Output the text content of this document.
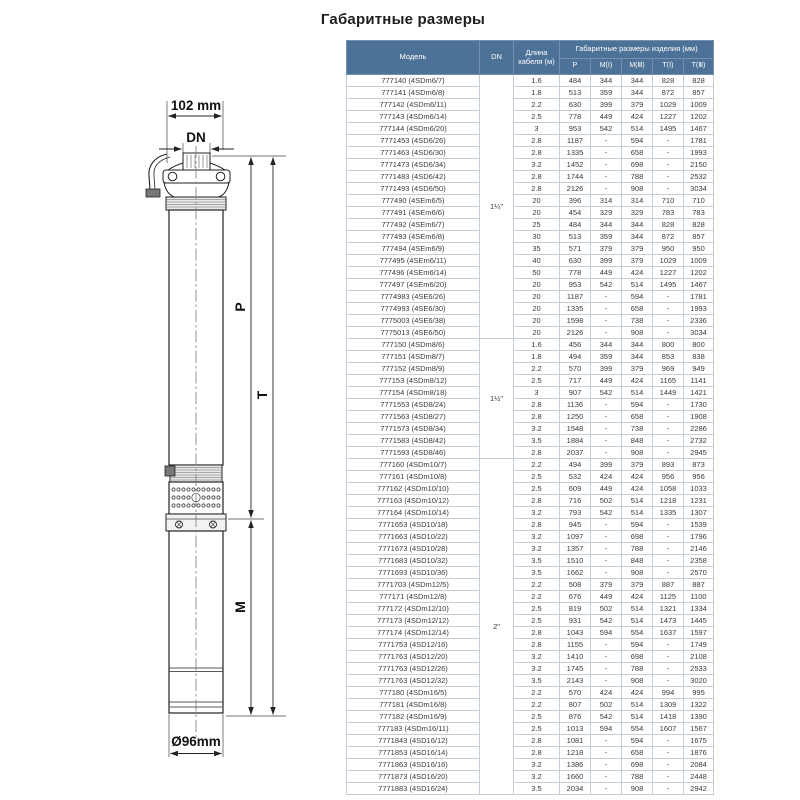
Габаритные размеры
102 mm
DN
Ø96mm
P
M
T
Модель	DN	Длина кабеля (м)	Габаритные размеры изделия (мм)				
			P	M(Ⅰ)	M(Ⅲ)	T(Ⅰ)	T(Ⅲ)
777140 (4SDm6/7)	1¼"	1.6	484	344	344	828	828
777141 (4SDm6/8)		1.8	513	359	344	872	857
777142 (4SDm6/11)		2.2	630	399	379	1029	1009
777143 (4SDm6/14)		2.5	778	449	424	1227	1202
777144 (4SDm6/20)		3	953	542	514	1495	1467
7771453 (4SD6/26)		2.8	1187	-	594	-	1781
7771463 (4SD6/30)		2.8	1335	-	658	-	1993
7771473 (4SD6/34)		3.2	1452	-	698	-	2150
7771483 (4SD6/42)		2.8	1744	-	788	-	2532
7771493 (4SD6/50)		2.8	2126	-	908	-	3034
777490 (4SEm6/5)		20	396	314	314	710	710
777491 (4SEm6/6)		20	454	329	329	783	783
777492 (4SEm6/7)		25	484	344	344	828	828
777493 (4SEm6/8)		30	513	359	344	872	857
777494 (4SEm6/9)		35	571	379	379	950	950
777495 (4SEm6/11)		40	630	399	379	1029	1009
777496 (4SEm6/14)		50	778	449	424	1227	1202
777497 (4SEm6/20)		20	953	542	514	1495	1467
7774983 (4SE6/26)		20	1187	-	594	-	1781
7774993 (4SE6/30)		20	1335	-	658	-	1993
7775003 (4SE6/38)		20	1598	-	738	-	2336
7775013 (4SE6/50)		20	2126	-	908	-	3034
777150 (4SDm8/6)	1½"	1.6	456	344	344	800	800
777151 (4SDm8/7)		1.8	494	359	344	853	838
777152 (4SDm8/9)		2.2	570	399	379	969	949
777153 (4SDm8/12)		2.5	717	449	424	1165	1141
777154 (4SDm8/18)		3	907	542	514	1449	1421
7771553 (4SD8/24)		2.8	1136	-	594	-	1730
7771563 (4SD8/27)		2.8	1250	-	658	-	1908
7771573 (4SD8/34)		3.2	1548	-	738	-	2286
7771583 (4SD8/42)		3.5	1884	-	848	-	2732
7771593 (4SD8/46)		2.8	2037	-	908	-	2945
777160 (4SDm10/7)	2"	2.2	494	399	379	893	873
777161 (4SDm10/8)		2.5	532	424	424	956	956
777162 (4SDm10/10)		2.5	609	449	424	1058	1033
777163 (4SDm10/12)		2.8	716	502	514	1218	1231
777164 (4SDm10/14)		3.2	793	542	514	1335	1307
7771653 (4SD10/18)		2.8	945	-	594	-	1539
7771663 (4SD10/22)		3.2	1097	-	698	-	1796
7771673 (4SD10/28)		3.2	1357	-	788	-	2146
7771683 (4SD10/32)		3.5	1510	-	848	-	2358
7771693 (4SD10/36)		3.5	1662	-	908	-	2570
7771703 (4SDm12/5)		2.2	508	379	379	887	887
777171 (4SDm12/8)		2.2	676	449	424	1125	1100
777172 (4SDm12/10)		2.5	819	502	514	1321	1334
777173 (4SDm12/12)		2.5	931	542	514	1473	1445
777174 (4SDm12/14)		2.8	1043	594	554	1637	1597
7771753 (4SD12/16)		2.8	1155	-	594	-	1749
7771763 (4SD12/20)		3.2	1410	-	698	-	2108
7771763 (4SD12/26)		3.2	1745	-	788	-	2533
7771763 (4SD12/32)		3.5	2143	-	908	-	3020
777180 (4SDm16/5)		2.2	570	424	424	994	995
777181 (4SDm16/8)		2.2	807	502	514	1309	1322
777182 (4SDm16/9)		2.5	876	542	514	1418	1390
777183 (4SDm16/11)		2.5	1013	594	554	1607	1567
7771843 (4SD16/12)		2.8	1081	-	594	-	1675
7771853 (4SD16/14)		2.8	1218	-	658	-	1876
7771863 (4SD16/16)		3.2	1386	-	698	-	2084
7771873 (4SD16/20)		3.2	1660	-	788	-	2448
7771883 (4SD16/24)		3.5	2034	-	908	-	2942
